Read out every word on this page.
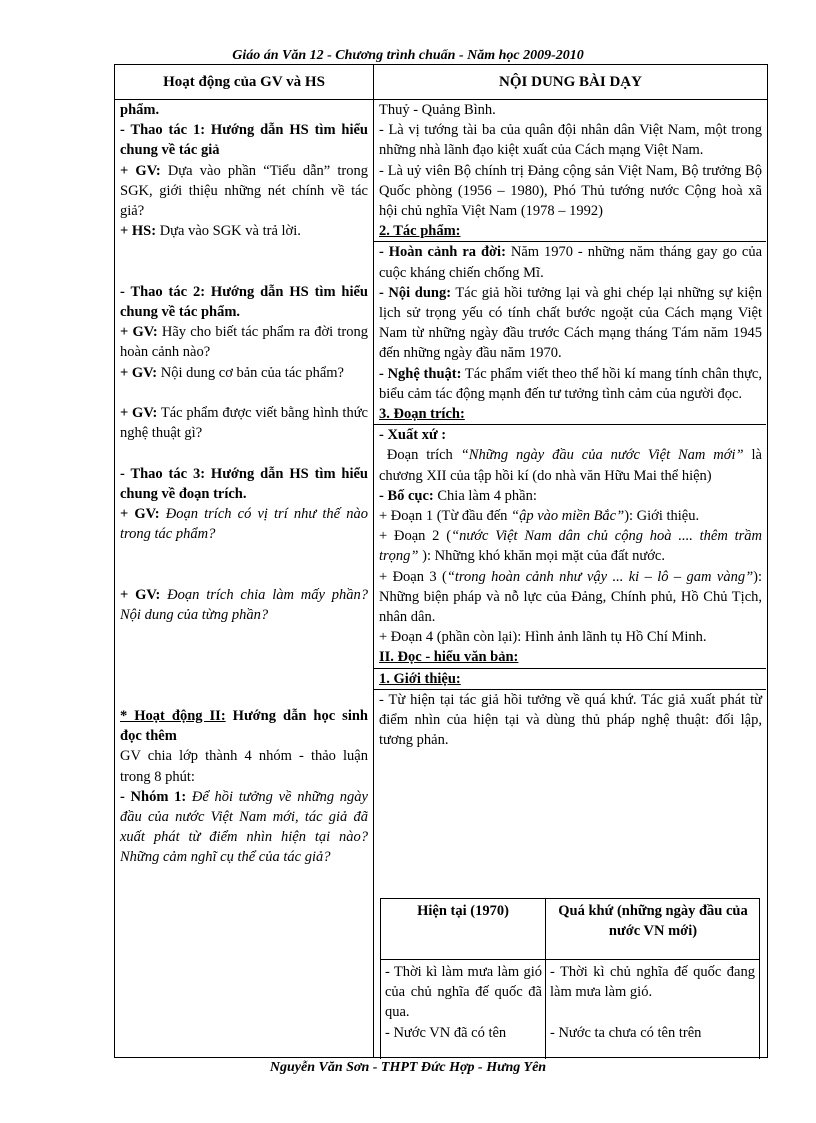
Giáo án Văn 12 - Chương trình chuẩn - Năm học 2009-2010
Hoạt động của GV và HS	NỘI DUNG BÀI DẠY

phẩm.

- Thao tác 1: Hướng dẫn HS tìm hiểu chung về tác giả

+ GV: Dựa vào phần “Tiểu dẫn” trong SGK, giới thiệu những nét chính về tác giả?

+ HS: Dựa vào SGK và trả lời.

- Thao tác 2: Hướng dẫn HS tìm hiểu chung về tác phẩm.

+ GV: Hãy cho biết tác phẩm ra đời trong hoàn cảnh nào?

+ GV: Nội dung cơ bản của tác phẩm?

+ GV: Tác phẩm được viết bằng hình thức nghệ thuật gì?

- Thao tác 3: Hướng dẫn HS tìm hiểu chung về đoạn trích.

+ GV: Đoạn trích có vị trí như thế nào trong tác phẩm?

+ GV: Đoạn trích chia làm mấy phần? Nội dung của từng phần?

* Hoạt động II: Hướng dẫn học sinh đọc thêm

GV chia lớp thành 4 nhóm - thảo luận trong 8 phút:

- Nhóm 1: Để hồi tưởng về những ngày đầu của nước Việt Nam mới, tác giả đã xuất phát từ điểm nhìn hiện tại nào? Những cảm nghĩ cụ thể của tác giả?

Thuỷ - Quảng Bình.

- Là vị tướng tài ba của quân đội nhân dân Việt Nam, một trong những nhà lãnh đạo kiệt xuất của Cách mạng Việt Nam.

- Là uỷ viên Bộ chính trị Đảng cộng sản Việt Nam, Bộ trưởng Bộ Quốc phòng (1956 – 1980), Phó Thủ tướng nước Cộng hoà xã hội chủ nghĩa Việt Nam (1978 – 1992)

2. Tác phẩm:

- Hoàn cảnh ra đời: Năm 1970 - những năm tháng gay go của cuộc kháng chiến chống Mĩ.

- Nội dung: Tác giả hồi tưởng lại và ghi chép lại những sự kiện lịch sử trọng yếu có tính chất bước ngoặt của Cách mạng Việt Nam từ những ngày đầu trước Cách mạng tháng Tám năm 1945 đến những ngày đầu năm 1970.

- Nghệ thuật: Tác phẩm viết theo thể hồi kí mang tính chân thực, biểu cảm tác động mạnh đến tư tưởng tình cảm của người đọc.

3. Đoạn trích:

- Xuất xứ :

Đoạn trích “Những ngày đầu của nước Việt Nam mới” là chương XII của tập hồi kí (do nhà văn Hữu Mai thể hiện)

- Bố cục: Chia làm 4 phần:

+ Đoạn 1 (Từ đầu đến “ập vào miền Bắc”): Giới thiệu.

+ Đoạn 2 (“nước Việt Nam dân chủ cộng hoà .... thêm trầm trọng” ): Những khó khăn mọi mặt của đất nước.

+ Đoạn 3 (“trong hoàn cảnh như vậy ... ki – lô – gam vàng”): Những biện pháp và nỗ lực của Đảng, Chính phủ, Hồ Chủ Tịch, nhân dân.

+ Đoạn 4 (phần còn lại): Hình ảnh lãnh tụ Hồ Chí Minh.

II. Đọc - hiểu văn bản:
1. Giới thiệu:

- Từ hiện tại tác giả hồi tưởng về quá khứ. Tác giả xuất phát từ điểm nhìn của hiện tại và dùng thủ pháp nghệ thuật: đối lập, tương phản.

Hiện tại (1970)	Quá khứ (những ngày đầu của nước VN mới)

- Thời kì làm mưa làm gió của chủ nghĩa đế quốc đã qua.

- Nước VN đã có tên

- Thời kì chủ nghĩa đế quốc đang làm mưa làm gió.

- Nước ta chưa có tên trên

Nguyễn Văn Sơn - THPT Đức Hợp - Hưng Yên
